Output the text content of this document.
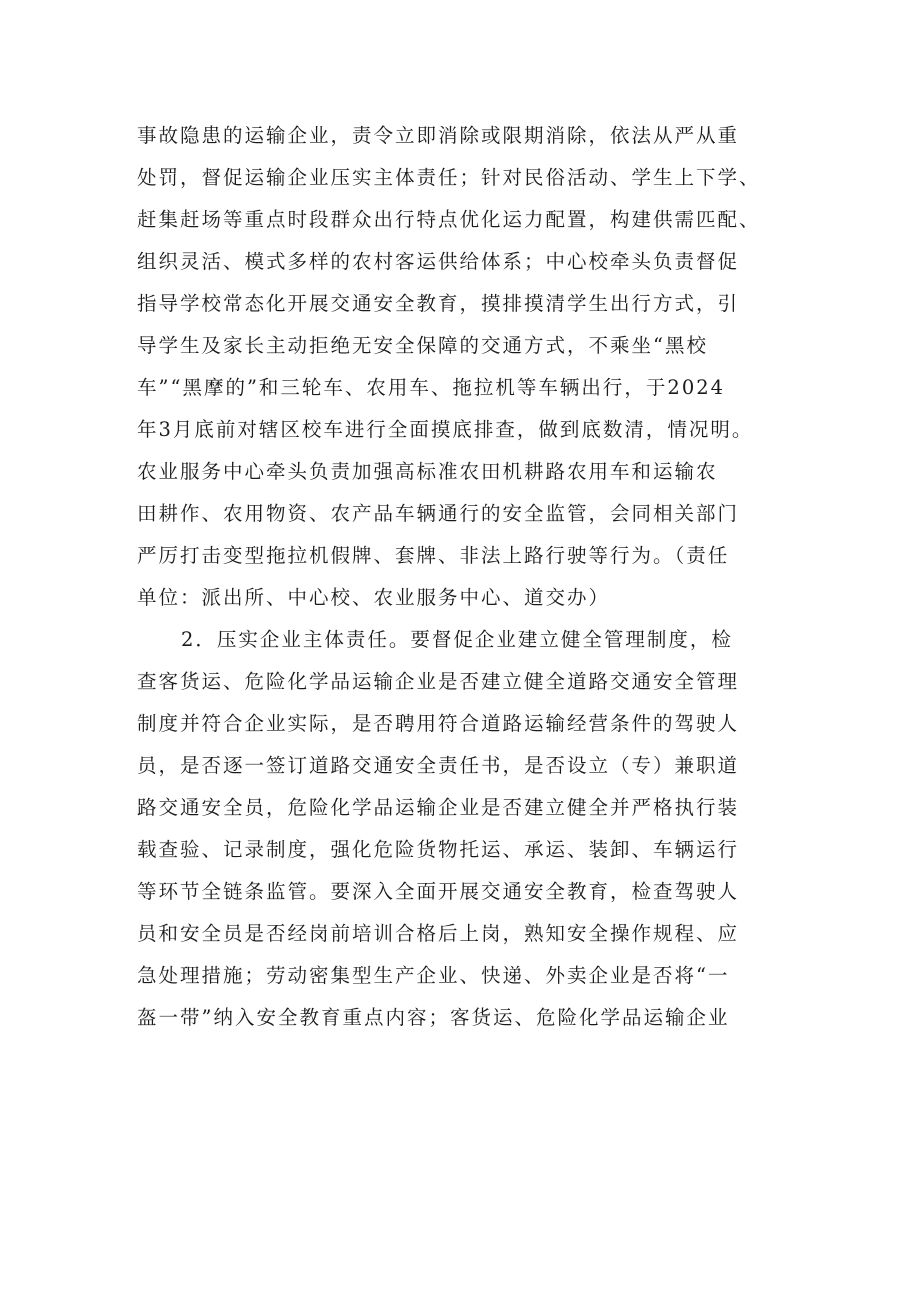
事故隐患的运输企业，责令立即消除或限期消除，依法从严从重
处罚，督促运输企业压实主体责任；针对民俗活动、学生上下学、
赶集赶场等重点时段群众出行特点优化运力配置，构建供需匹配、
组织灵活、模式多样的农村客运供给体系；中心校牵头负责督促
指导学校常态化开展交通安全教育，摸排摸清学生出行方式，引
导学生及家长主动拒绝无安全保障的交通方式，不乘坐“黑校
车”“黑摩的”和三轮车、农用车、拖拉机等车辆出行，于2024
年3月底前对辖区校车进行全面摸底排查，做到底数清，情况明。
农业服务中心牵头负责加强高标准农田机耕路农用车和运输农
田耕作、农用物资、农产品车辆通行的安全监管，会同相关部门
严厉打击变型拖拉机假牌、套牌、非法上路行驶等行为。（责任
单位：派出所、中心校、农业服务中心、道交办）
2．压实企业主体责任。要督促企业建立健全管理制度，检
查客货运、危险化学品运输企业是否建立健全道路交通安全管理
制度并符合企业实际，是否聘用符合道路运输经营条件的驾驶人
员，是否逐一签订道路交通安全责任书，是否设立（专）兼职道
路交通安全员，危险化学品运输企业是否建立健全并严格执行装
载查验、记录制度，强化危险货物托运、承运、装卸、车辆运行
等环节全链条监管。要深入全面开展交通安全教育，检查驾驶人
员和安全员是否经岗前培训合格后上岗，熟知安全操作规程、应
急处理措施；劳动密集型生产企业、快递、外卖企业是否将“一
盔一带”纳入安全教育重点内容；客货运、危险化学品运输企业
